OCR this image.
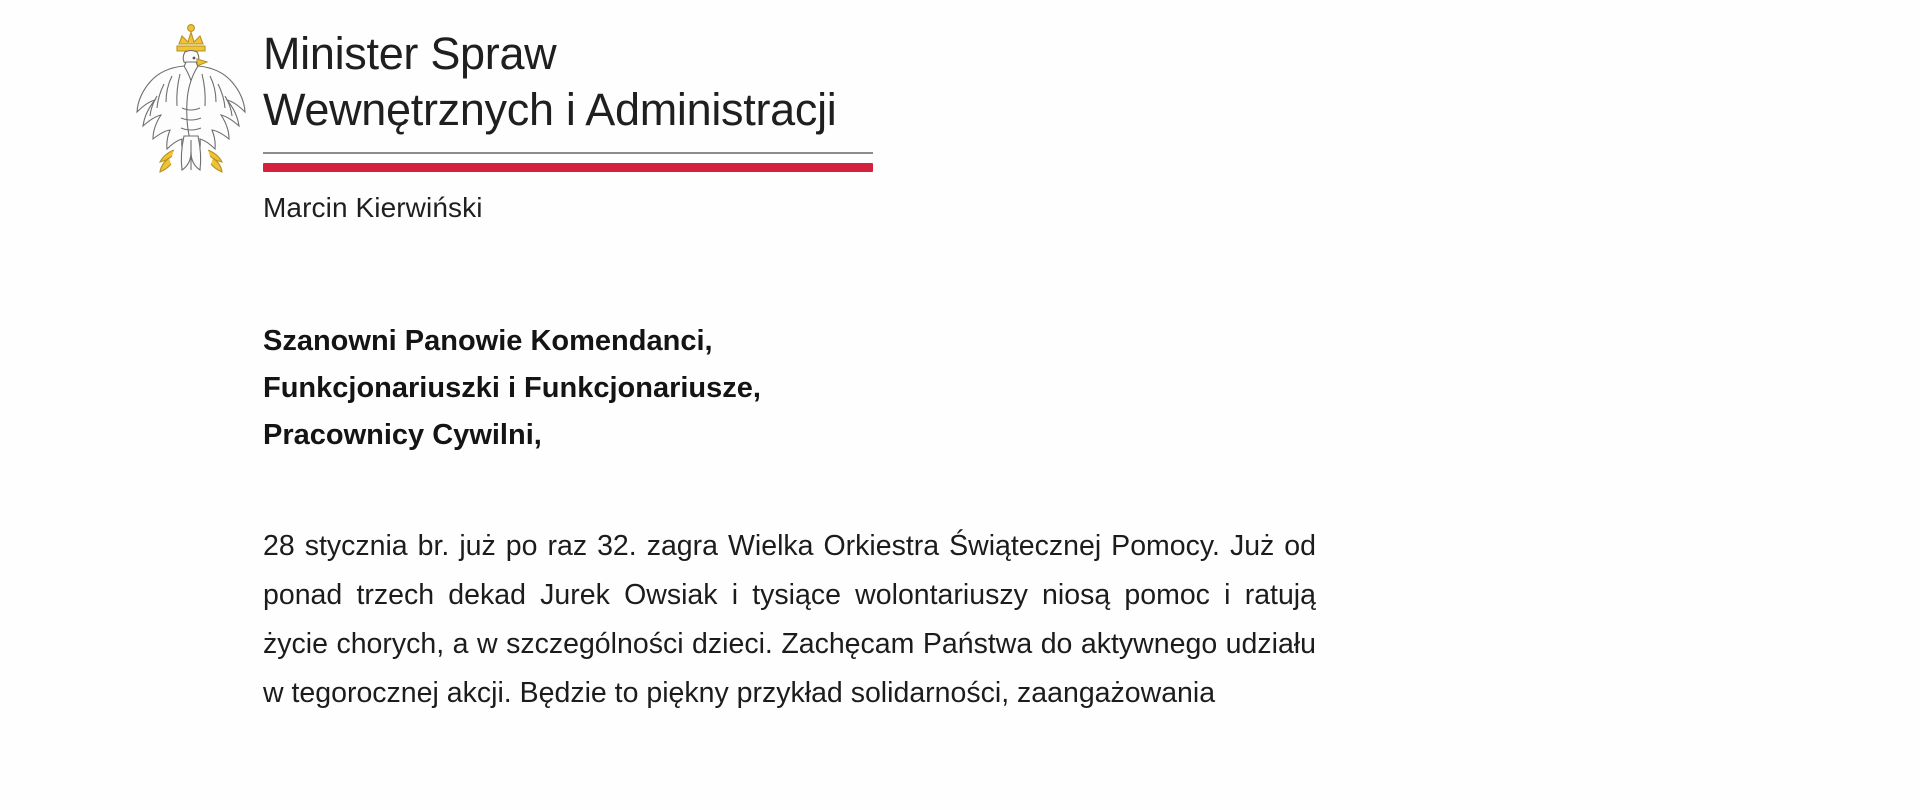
Minister Spraw
Wewnętrznych i Administracji
Marcin Kierwiński
Szanowni Panowie Komendanci,
Funkcjonariuszki i Funkcjonariusze,
Pracownicy Cywilni,
28 stycznia br. już po raz 32. zagra Wielka Orkiestra Świątecznej Pomocy. Już od ponad trzech dekad Jurek Owsiak i tysiące wolontariuszy niosą pomoc i ratują życie chorych, a w szczególności dzieci. Zachęcam Państwa do aktywnego udziału w tegorocznej akcji. Będzie to piękny przykład solidarności, zaangażowania
